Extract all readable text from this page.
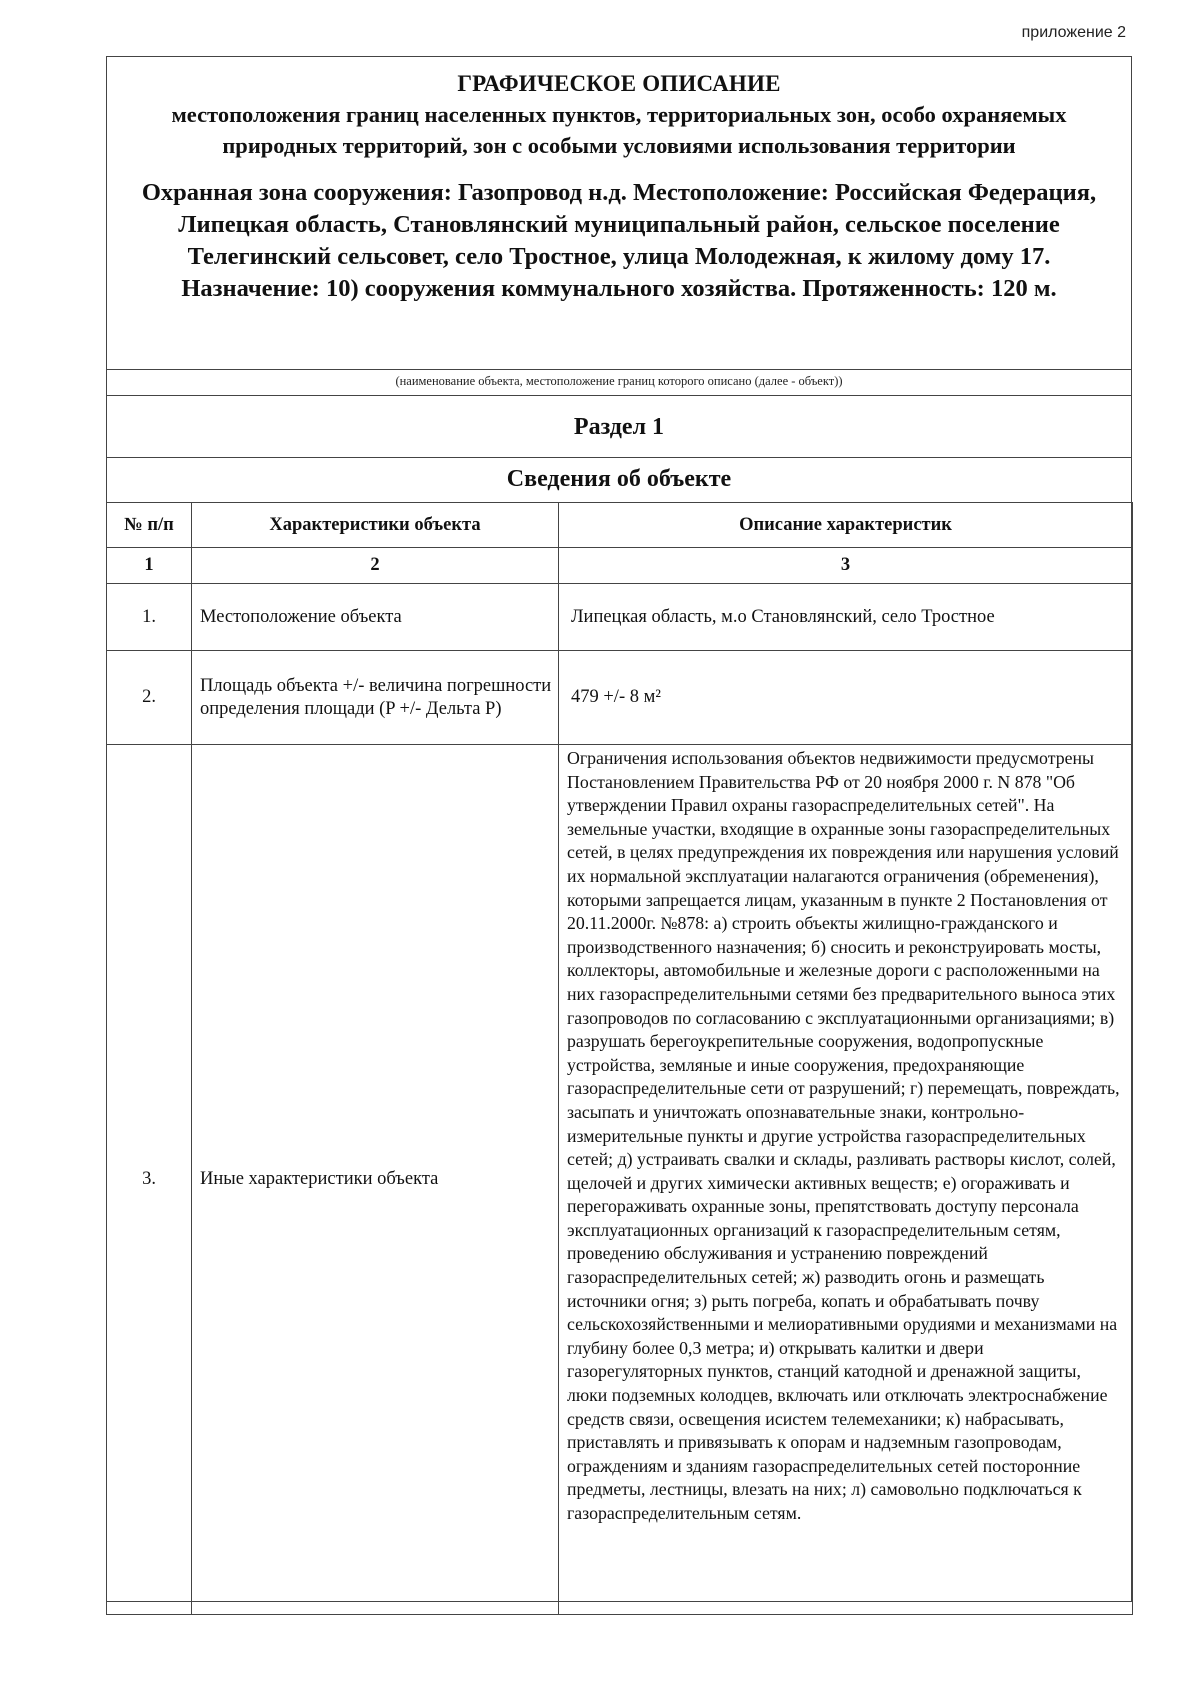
приложение 2
ГРАФИЧЕСКОЕ ОПИСАНИЕ
местоположения границ населенных пунктов, территориальных зон, особо охраняемых природных территорий, зон с особыми условиями использования территории
Охранная зона сооружения: Газопровод н.д. Местоположение: Российская Федерация, Липецкая область, Становлянский муниципальный район, сельское поселение Телегинский сельсовет, село Тростное, улица Молодежная, к жилому дому 17. Назначение: 10) сооружения коммунального хозяйства. Протяженность: 120 м.
(наименование объекта, местоположение границ которого описано (далее - объект))
Раздел 1
Сведения об объекте
№ п/п	Характеристики объекта	Описание характеристик
1	2	3
1.	Местоположение объекта	Липецкая область, м.о Становлянский, село Тростное
2.	Площадь объекта +/- величина погрешности определения площади (P +/- Дельта P)	479 +/- 8 м²
3.	Иные характеристики объекта	Ограничения использования объектов недвижимости предусмотрены Постановлением Правительства РФ от 20 ноября 2000 г. N 878 "Об утверждении Правил охраны газораспределительных сетей". На земельные участки, входящие в охранные зоны газораспределительных сетей, в целях предупреждения их повреждения или нарушения условий их нормальной эксплуатации налагаются ограничения (обременения), которыми запрещается лицам, указанным в пункте 2 Постановления от 20.11.2000г. №878: а) строить объекты жилищно-гражданского и производственного назначения; б) сносить и реконструировать мосты, коллекторы, автомобильные и железные дороги с расположенными на них газораспределительными сетями без предварительного выноса этих газопроводов по согласованию с эксплуатационными организациями; в) разрушать берегоукрепительные сооружения, водопропускные устройства, земляные и иные сооружения, предохраняющие газораспределительные сети от разрушений; г) перемещать, повреждать, засыпать и уничтожать опознавательные знаки, контрольно-измерительные пункты и другие устройства газораспределительных сетей; д) устраивать свалки и склады, разливать растворы кислот, солей, щелочей и других химически активных веществ; е) огораживать и перегораживать охранные зоны, препятствовать доступу персонала эксплуатационных организаций к газораспределительным сетям, проведению обслуживания и устранению повреждений газораспределительных сетей; ж) разводить огонь и размещать источники огня; з) рыть погреба, копать и обрабатывать почву сельскохозяйственными и мелиоративными орудиями и механизмами на глубину более 0,3 метра; и) открывать калитки и двери газорегуляторных пунктов, станций катодной и дренажной защиты, люки подземных колодцев, включать или отключать электроснабжение средств связи, освещения исистем телемеханики; к) набрасывать, приставлять и привязывать к опорам и надземным газопроводам, ограждениям и зданиям газораспределительных сетей посторонние предметы, лестницы, влезать на них; л) самовольно подключаться к газораспределительным сетям.
